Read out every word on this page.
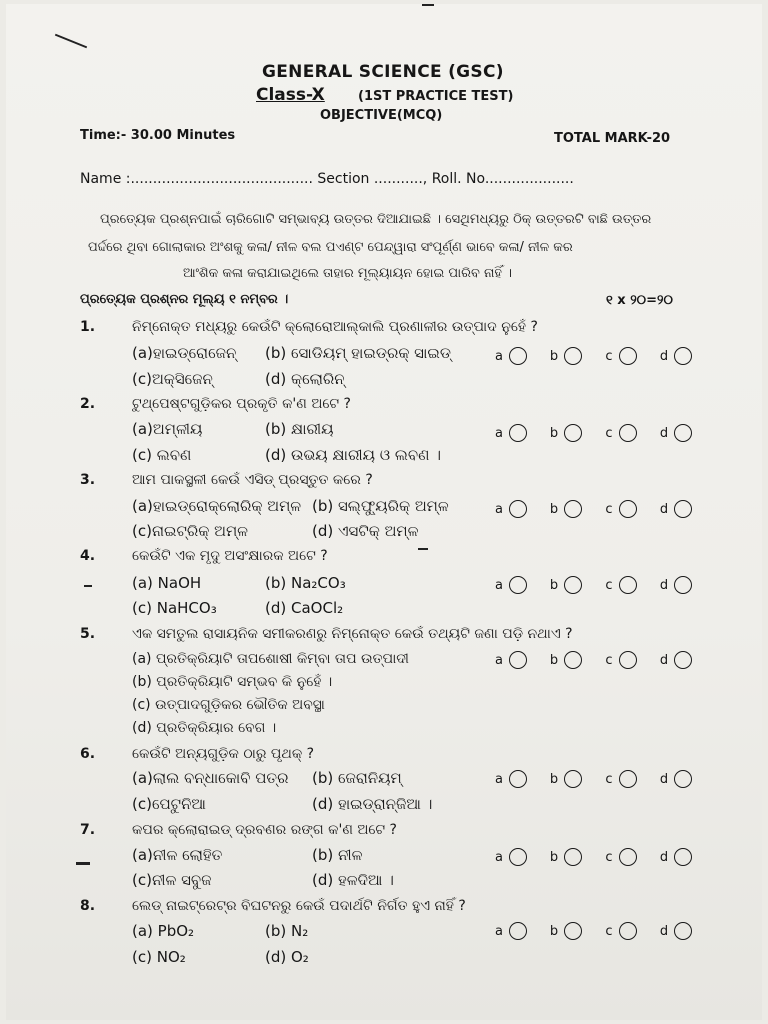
GENERAL SCIENCE (GSC)
Class-X	(1ST PRACTICE TEST)
OBJECTIVE(MCQ)
Time:- 30.00 Minutes	TOTAL MARK-20
Name :......................................... Section ..........., Roll. No....................
ପ୍ରତ୍ୟେକ ପ୍ରଶ୍ନପାଇଁ ଚାରିଗୋଟି ସମ୍ଭାବ୍ୟ ଉତ୍ତର ଦିଆଯାଇଛି । ସେଥିମଧ୍ୟରୁ ଠିକ୍ ଉତ୍ତରଟି ବାଛି ଉତ୍ତର
ପର୍ଦ୍ଦରେ ଥିବା ଗୋଲାକାର ଅଂଶକୁ କଳା/ ନୀଳ ବଲ ପଏଣ୍ଟ ପେନ୍ଦ୍ୱାରା ସଂପୂର୍ଣ୍ଣ ଭାବେ କଳା/ ନୀଳ କର
ଆଂଶିକ କଳା କରାଯାଇଥିଲେ ତାହାର ମୂଲ୍ୟାୟନ ହୋଇ ପାରିବ ନାହିଁ ।
ପ୍ରତ୍ୟେକ ପ୍ରଶ୍ନର ମୂଲ୍ୟ ୧ ନମ୍ବର ।	୧ x ୨୦=୨୦
1.	ନିମ୍ନୋକ୍ତ ମଧ୍ୟରୁ କେଉଁଟି କ୍ଲୋରୋଆଲ୍‌କାଲି ପ୍ରଣାଳୀର ଉତ୍ପାଦ ନୁହେଁ ?
(a)ହାଇଡ୍ରୋଜେନ୍ (b) ସୋଡିୟମ୍ ହାଇଡ୍ରକ୍ ସାଇଡ୍
(c)ଅକ୍ସିଜେନ୍	(d) କ୍ଲୋରିନ୍
2.	ଟୁଥ୍‌ପେଷ୍ଟଗୁଡ଼ିକର ପ୍ରକୃତି କ'ଣ ଅଟେ ?
(a)ଅମ୍ଳୀୟ	(b) କ୍ଷାରୀୟ
(c) ଲବଣ	(d) ଉଭୟ କ୍ଷାରୀୟ ଓ ଲବଣ ।
3.	ଆମ ପାକସ୍ଥଳୀ କେଉଁ ଏସିଡ୍ ପ୍ରସ୍ତୁତ କରେ ?
(a)ହାଇଡ୍ରୋକ୍ଲୋରିକ୍ ଅମ୍ଳ (b) ସଲ୍‌ଫ୍ୟୁରିକ୍ ଅମ୍ଳ
(c)ନାଇଟ୍ରିକ୍ ଅମ୍ଳ	(d) ଏସଟିକ୍ ଅମ୍ଳ
4.	କେଉଁଟି ଏକ ମୃଦୁ ଅସଂକ୍ଷାରକ ଅଟେ ?
(a) NaOH	(b) Na₂CO₃
(c) NaHCO₃	(d) CaOCl₂
5.	ଏକ ସମତୁଲ ରାସାୟନିକ ସମୀକରଣରୁ ନିମ୍ନୋକ୍ତ କେଉଁ ତଥ୍ୟଟି ଜଣା ପଡ଼ି ନଥାଏ ?
(a) ପ୍ରତିକ୍ରିୟାଟି ତାପଶୋଷୀ କିମ୍ବା ତାପ ଉତ୍ପାଦୀ
(b) ପ୍ରତିକ୍ରିୟାଟି ସମ୍ଭବ କି ନୁହେଁ ।
(c) ଉତ୍ପାଦଗୁଡ଼ିକର ଭୌତିକ ଅବସ୍ଥା
(d) ପ୍ରତିକ୍ରିୟାର ବେଗ ।
6.	କେଉଁଟି ଅନ୍ୟଗୁଡ଼ିକ ଠାରୁ ପୃଥକ୍ ?
(a)ଲାଲ ବନ୍ଧାକୋବି ପତ୍ର (b) ଜେରାନିୟମ୍
(c)ପେଟୁନିଆ	(d) ହାଇଡ୍ରାନ୍‌ଜିଆ ।
7.	କପର କ୍ଲୋରାଇଡ୍ ଦ୍ରବଣର ରଙ୍ଗ କ'ଣ ଅଟେ ?
(a)ନୀଳ ଲୋହିତ	(b) ନୀଳ
(c)ନୀଳ ସବୁଜ	(d) ହଳଦିଆ ।
8.	ଲେଡ୍ ନାଇଟ୍ରେଟ୍‌ର ବିଘଟନରୁ କେଉଁ ପଦାର୍ଥଟି ନିର୍ଗତ ହୁଏ ନାହିଁ ?
(a) PbO₂	(b) N₂
(c) NO₂	(d) O₂
a	b	c	d
a	b	c	d
a	b	c	d
a	b	c	d
a	b	c	d
a	b	c	d
a	b	c	d
a	b	c	d
